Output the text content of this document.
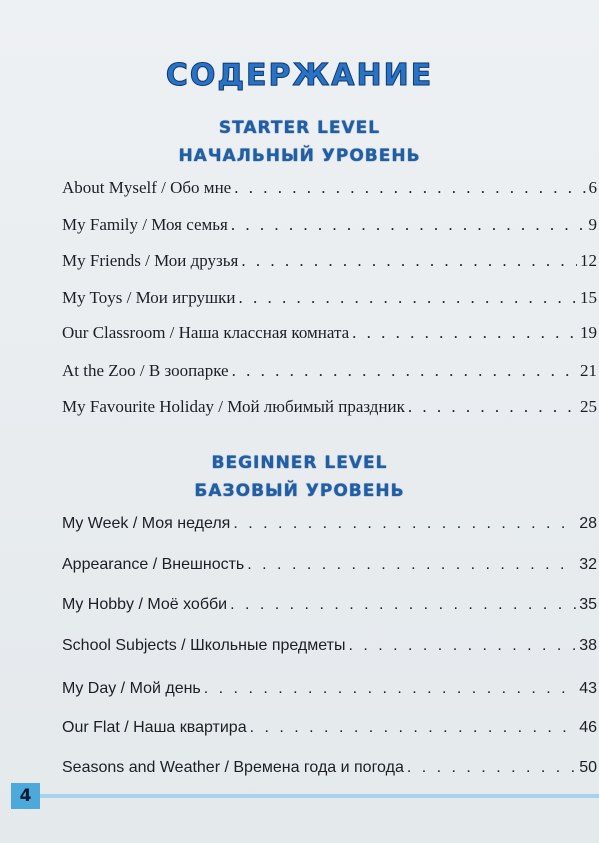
СОДЕРЖАНИЕ
STARTER LEVEL
НАЧАЛЬНЫЙ УРОВЕНЬ
About Myself / Обо мне . . .	6
My Family / Моя семья . . .	9
My Friends / Мои друзья . . .	12
My Toys / Мои игрушки . . .	15
Our Classroom / Наша классная комната . . .	19
At the Zoo / В зоопарке . . .	21
My Favourite Holiday / Мой любимый праздник . . .	25
BEGINNER LEVEL
БАЗОВЫЙ УРОВЕНЬ
My Week / Моя неделя . . .	28
Appearance / Внешность . . .	32
My Hobby / Моё хобби . . .	35
School Subjects / Школьные предметы . . .	38
My Day / Мой день . . .	43
Our Flat / Наша квартира . . .	46
Seasons and Weather / Времена года и погода . . .	50
4
